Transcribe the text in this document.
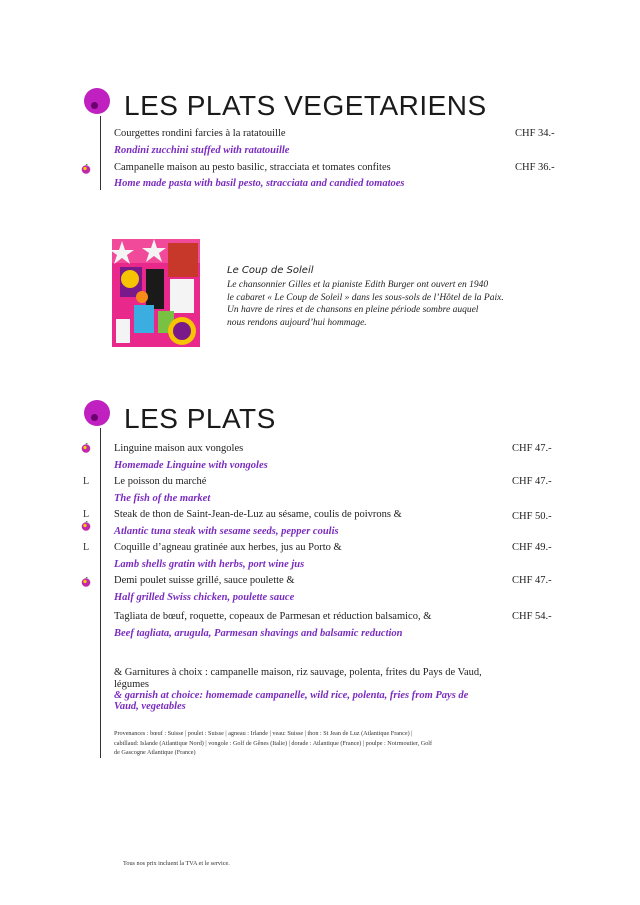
LES PLATS VEGETARIENS
Courgettes rondini farcies à la ratatouille	CHF 34.-
Rondini zucchini stuffed with ratatouille
Campanelle maison au pesto basilic, stracciata et tomates confites	CHF 36.-
Home made pasta with basil pesto, stracciata and candied tomatoes
Le Coup de Soleil
Le chansonnier Gilles et la pianiste Edith Burger ont ouvert en 1940
le cabaret « Le Coup de Soleil » dans les sous-sols de l’Hôtel de la Paix.
Un havre de rires et de chansons en pleine période sombre auquel
nous rendons aujourd’hui hommage.
LES PLATS
Linguine maison aux vongoles	CHF 47.-
Homemade Linguine with vongoles
L Le poisson du marché	CHF 47.-
The fish of the market
L Steak de thon de Saint-Jean-de-Luz au sésame, coulis de poivrons &	CHF 50.-
Atlantic tuna steak with sesame seeds, pepper coulis
L Coquille d’agneau gratinée aux herbes, jus au Porto &	CHF 49.-
Lamb shells gratin with herbs, port wine jus
Demi poulet suisse grillé, sauce poulette &	CHF 47.-
Half grilled Swiss chicken, poulette sauce
Tagliata de bœuf, roquette, copeaux de Parmesan et réduction balsamico, &	CHF 54.-
Beef tagliata, arugula, Parmesan shavings and balsamic reduction
& Garnitures à choix : campanelle maison, riz sauvage, polenta, frites du Pays de Vaud,
légumes
& garnish at choice: homemade campanelle, wild rice, polenta, fries from Pays de
Vaud, vegetables
Provenances : bœuf : Suisse | poulet : Suisse | agneau : Irlande | veau: Suisse | thon : St Jean de Luz (Atlantique France) |
cabillaud: Islande (Atlantique Nord) | vongole : Golf de Gênes (Italie) | dorade : Atlantique (France) | poulpe : Noirmoutier, Golf
de Gascogne Atlantique (France)
Tous nos prix incluent la TVA et le service.
